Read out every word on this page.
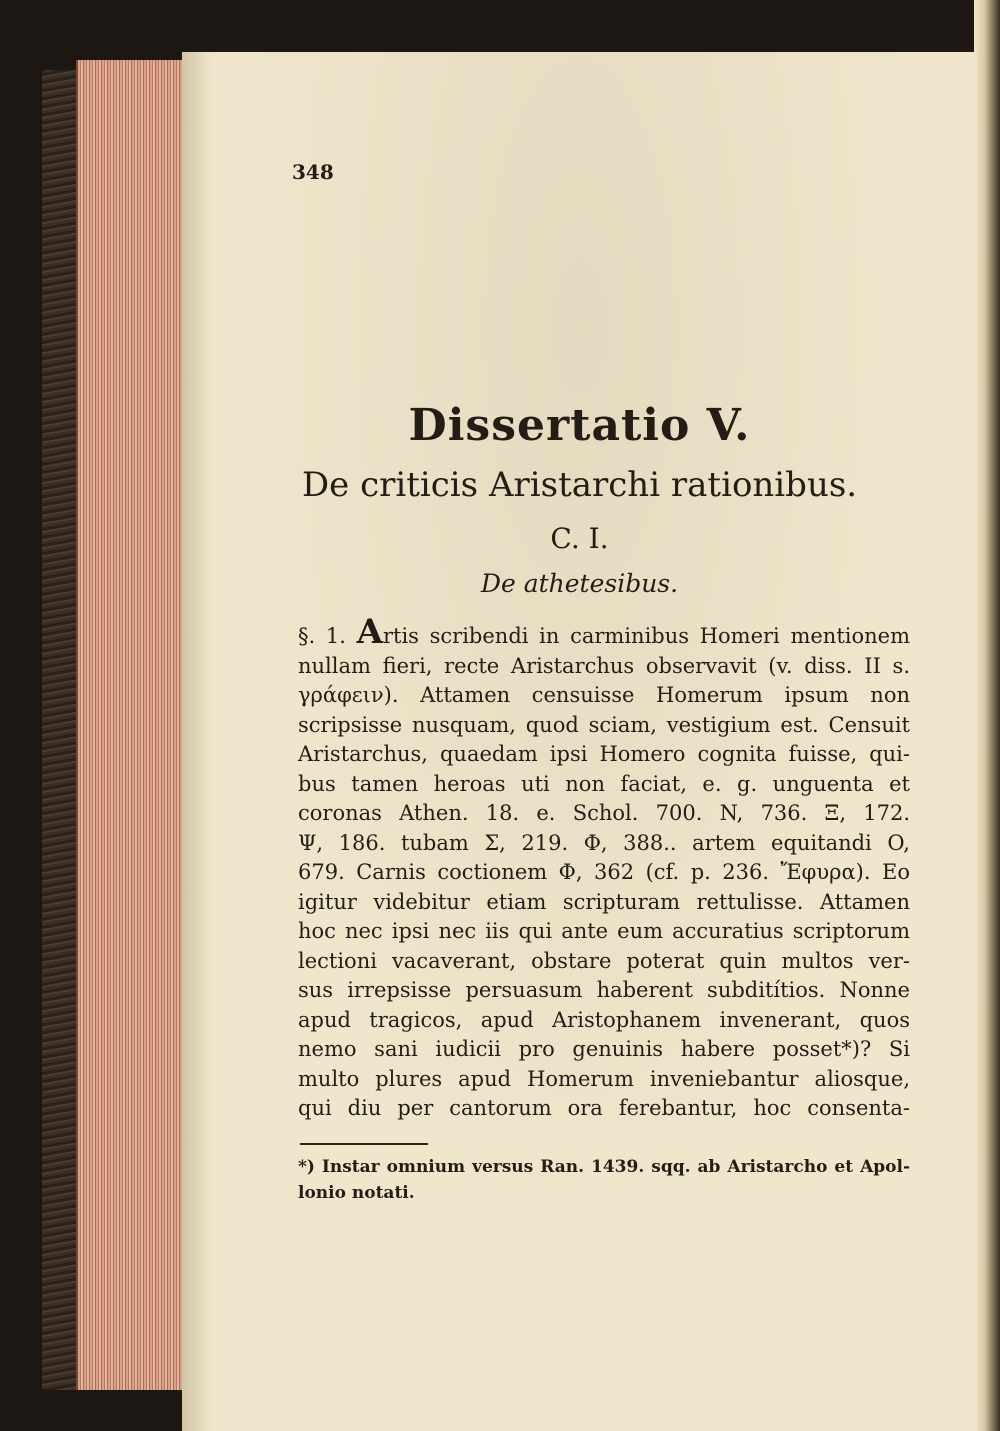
348
Dissertatio V.
De criticis Aristarchi rationibus.
C. I.
De athetesibus.
§. 1. Artis scribendi in carminibus Homeri mentionem
nullam fieri, recte Aristarchus observavit (v. diss. II s.
γράφειν). Attamen censuisse Homerum ipsum non
scripsisse nusquam, quod sciam, vestigium est. Censuit
Aristarchus, quaedam ipsi Homero cognita fuisse, qui-
bus tamen heroas uti non faciat, e. g. unguenta et
coronas Athen. 18. e. Schol. 700. N, 736. Ξ, 172.
Ψ, 186. tubam Σ, 219. Φ, 388.. artem equitandi O,
679. Carnis coctionem Φ, 362 (cf. p. 236. Ἔφυρα). Eo
igitur videbitur etiam scripturam rettulisse. Attamen
hoc nec ipsi nec iis qui ante eum accuratius scriptorum
lectioni vacaverant, obstare poterat quin multos ver-
sus irrepsisse persuasum haberent subditítios. Nonne
apud tragicos, apud Aristophanem invenerant, quos
nemo sani iudicii pro genuinis habere posset*)? Si
multo plures apud Homerum inveniebantur aliosque,
qui diu per cantorum ora ferebantur, hoc consenta-
*) Instar omnium versus Ran. 1439. sqq. ab Aristarcho et Apol-
lonio notati.
